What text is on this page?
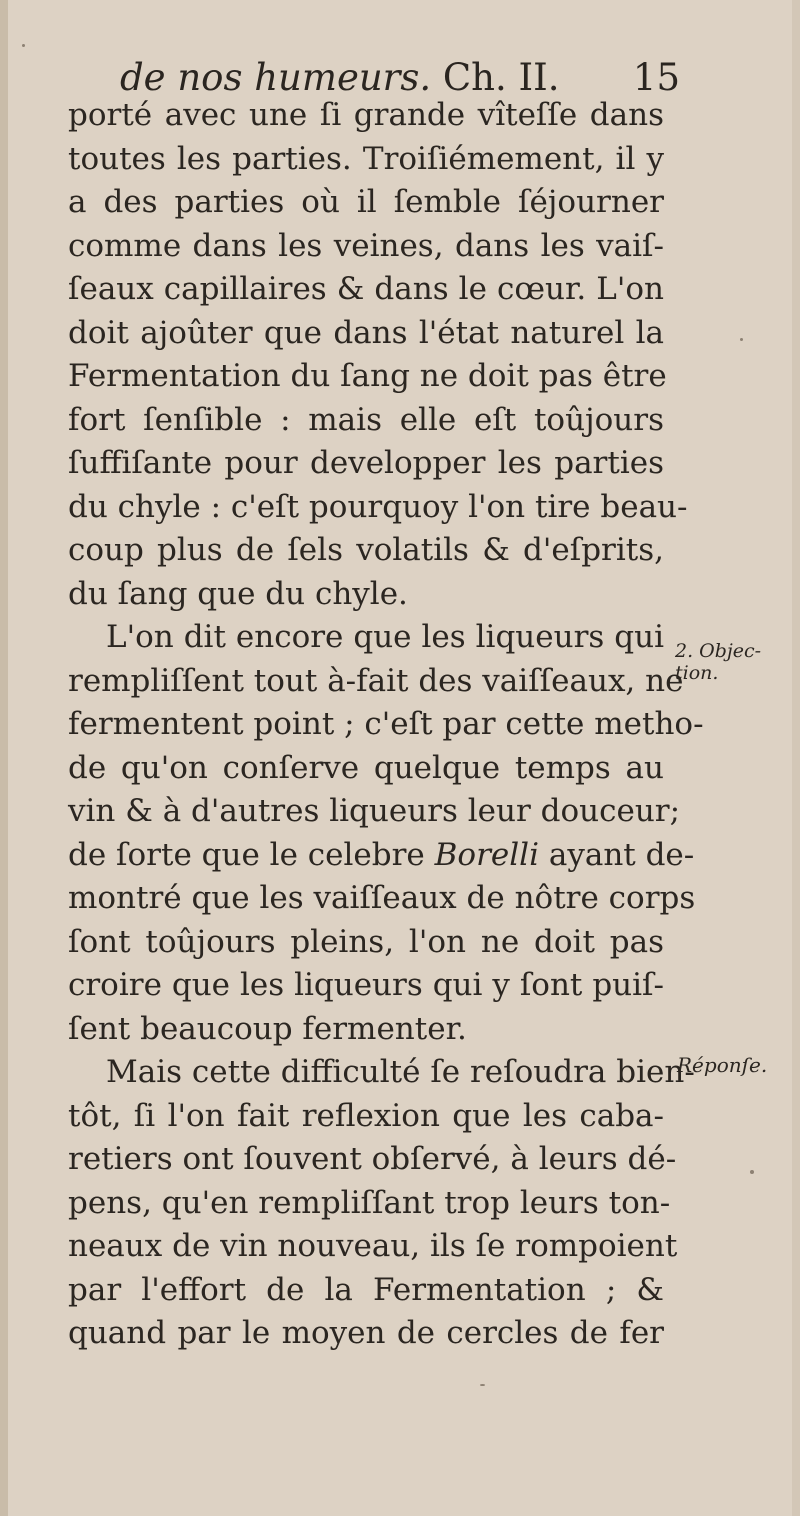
de nos humeurs. Ch. II. 15
porté avec une ſi grande vîteſſe dans
toutes les parties. Troiſiémement, il y
a des parties où il ſemble ſéjourner
comme dans les veines, dans les vaiſ-
ſeaux capillaires & dans le cœur. L'on
doit ajoûter que dans l'état naturel la
Fermentation du ſang ne doit pas être
fort ſenſible : mais elle eſt toûjours
ſuffiſante pour developper les parties
du chyle : c'eſt pourquoy l'on tire beau-
coup plus de ſels volatils & d'eſprits,
du ſang que du chyle.
L'on dit encore que les liqueurs qui
rempliſſent tout à-fait des vaiſſeaux, ne
fermentent point ; c'eſt par cette metho-
de qu'on conſerve quelque temps au
vin & à d'autres liqueurs leur douceur;
de ſorte que le celebre Borelli ayant de-
montré que les vaiſſeaux de nôtre corps
ſont toûjours pleins, l'on ne doit pas
croire que les liqueurs qui y ſont puiſ-
ſent beaucoup fermenter.
Mais cette difficulté ſe reſoudra bien-
tôt, ſi l'on fait reflexion que les caba-
retiers ont ſouvent obſervé, à leurs dé-
pens, qu'en rempliſſant trop leurs ton-
neaux de vin nouveau, ils ſe rompoient
par l'effort de la Fermentation ; &
quand par le moyen de cercles de fer
2. Objec-
tion.
Réponſe.
